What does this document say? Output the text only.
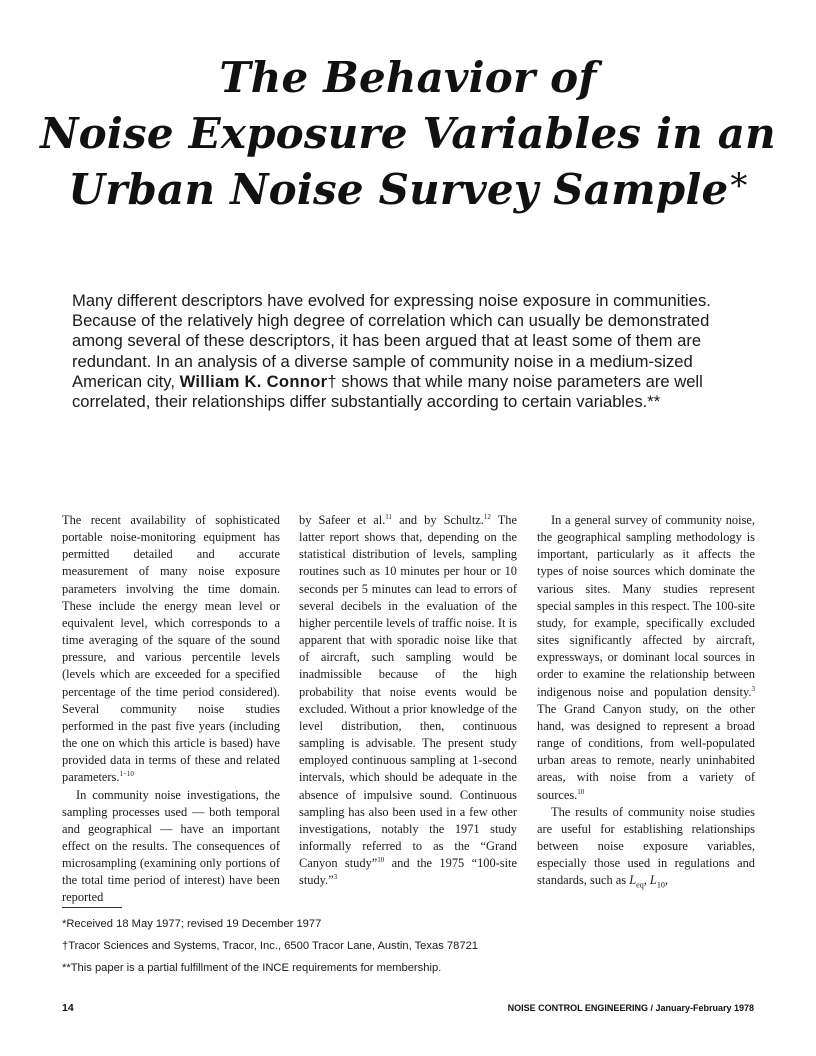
The Behavior of
Noise Exposure Variables in an
Urban Noise Survey Sample*

Many different descriptors have evolved for expressing noise exposure in communities. Because of the relatively high degree of correlation which can usually be demonstrated among several of these descriptors, it has been argued that at least some of them are redundant. In an analysis of a diverse sample of community noise in a medium-sized American city, William K. Connor† shows that while many noise parameters are well correlated, their relationships differ substantially according to certain variables.**

The recent availability of sophisticated portable noise-monitoring equipment has permitted detailed and accurate measurement of many noise exposure parameters involving the time domain. These include the energy mean level or equivalent level, which corresponds to a time averaging of the square of the sound pressure, and various percentile levels (levels which are exceeded for a specified percentage of the time period considered). Several community noise studies performed in the past five years (including the one on which this article is based) have provided data in terms of these and related parameters.$^{1-10}$

In community noise investigations, the sampling processes used — both temporal and geographical — have an important effect on the results. The consequences of microsampling (examining only portions of the total time period of interest) have been reported

by Safeer et al.$^{11}$ and by Schultz.$^{12}$ The latter report shows that, depending on the statistical distribution of levels, sampling routines such as 10 minutes per hour or 10 seconds per 5 minutes can lead to errors of several decibels in the evaluation of the higher percentile levels of traffic noise. It is apparent that with sporadic noise like that of aircraft, such sampling would be inadmissible because of the high probability that noise events would be excluded. Without a prior knowledge of the level distribution, then, continuous sampling is advisable. The present study employed continuous sampling at 1-second intervals, which should be adequate in the absence of impulsive sound. Continuous sampling has also been used in a few other investigations, notably the 1971 study informally referred to as the “Grand Canyon study”$^{10}$ and the 1975 “100-site study.”$^3$

In a general survey of community noise, the geographical sampling methodology is important, particularly as it affects the types of noise sources which dominate the various sites. Many studies represent special samples in this respect. The 100-site study, for example, specifically excluded sites significantly affected by aircraft, expressways, or dominant local sources in order to examine the relationship between indigenous noise and population density.$^3$ The Grand Canyon study, on the other hand, was designed to represent a broad range of conditions, from well-populated urban areas to remote, nearly uninhabited areas, with noise from a variety of sources.$^{10}$

The results of community noise studies are useful for establishing relationships between noise exposure variables, especially those used in regulations and standards, such as $L_{eq}$, $L_{10}$,

*Received 18 May 1977; revised 19 December 1977

†Tracor Sciences and Systems, Tracor, Inc., 6500 Tracor Lane, Austin, Texas 78721

**This paper is a partial fulfillment of the INCE requirements for membership.

14	NOISE CONTROL ENGINEERING / January-February 1978
